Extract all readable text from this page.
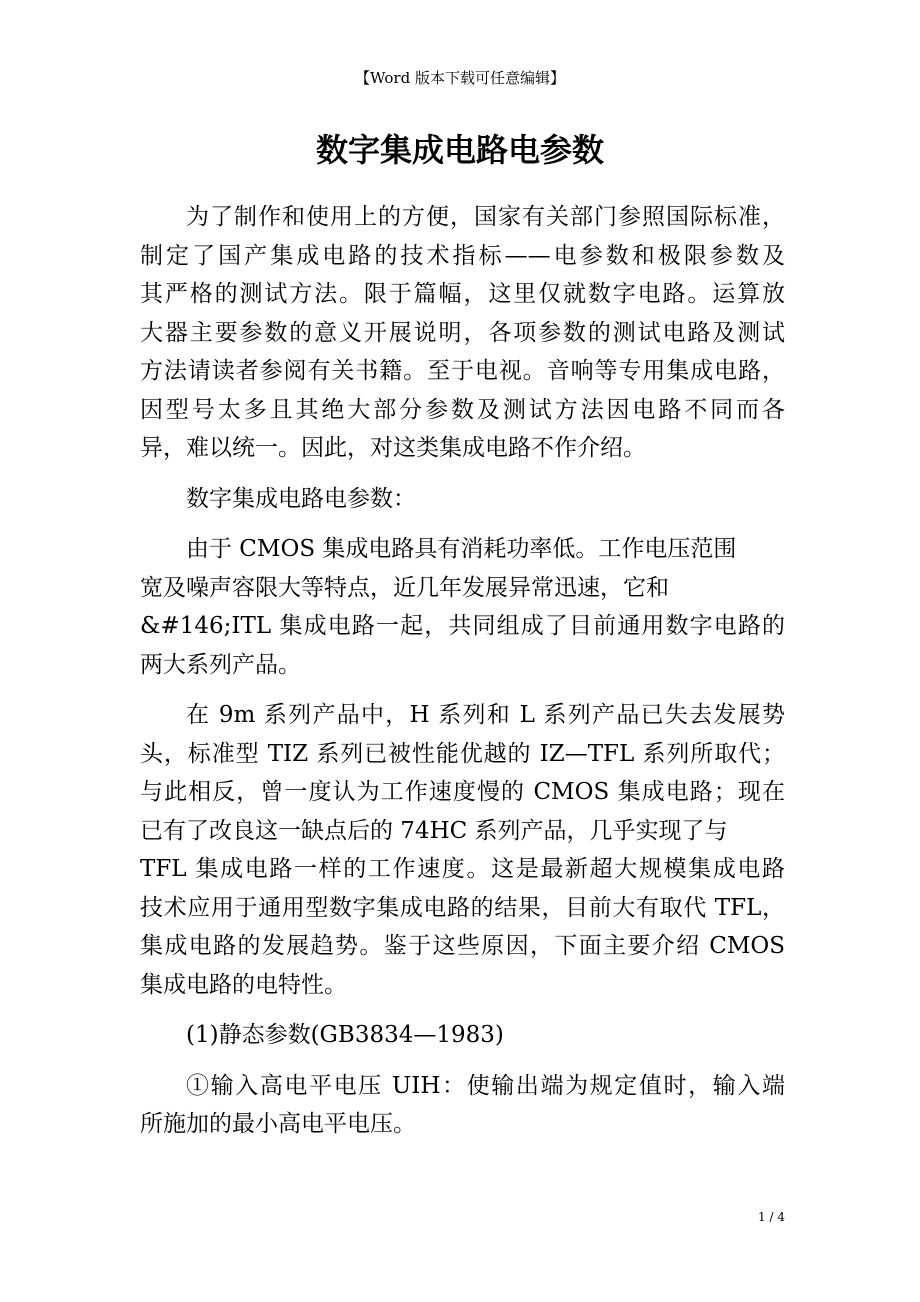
【Word 版本下载可任意编辑】
数字集成电路电参数
为了制作和使用上的方便，国家有关部门参照国际标准，
制定了国产集成电路的技术指标——电参数和极限参数及
其严格的测试方法。限于篇幅，这里仅就数字电路。运算放
大器主要参数的意义开展说明，各项参数的测试电路及测试
方法请读者参阅有关书籍。至于电视。音响等专用集成电路，
因型号太多且其绝大部分参数及测试方法因电路不同而各
异，难以统一。因此，对这类集成电路不作介绍。
数字集成电路电参数：
由于 CMOS 集成电路具有消耗功率低。工作电压范围
宽及噪声容限大等特点，近几年发展异常迅速，它和
&#146;ITL 集成电路一起，共同组成了目前通用数字电路的
两大系列产品。
在 9m 系列产品中，H 系列和 L 系列产品已失去发展势
头，标准型 TIZ 系列已被性能优越的 IZ—TFL 系列所取代；
与此相反，曾一度认为工作速度慢的 CMOS 集成电路；现在
已有了改良这一缺点后的 74HC 系列产品，几乎实现了与
TFL 集成电路一样的工作速度。这是最新超大规模集成电路
技术应用于通用型数字集成电路的结果，目前大有取代 TFL，
集成电路的发展趋势。鉴于这些原因，下面主要介绍 CMOS
集成电路的电特性。
(1)静态参数(GB3834—1983)
①输入高电平电压 UIH：使输出端为规定值时，输入端
所施加的最小高电平电压。
1 / 4
